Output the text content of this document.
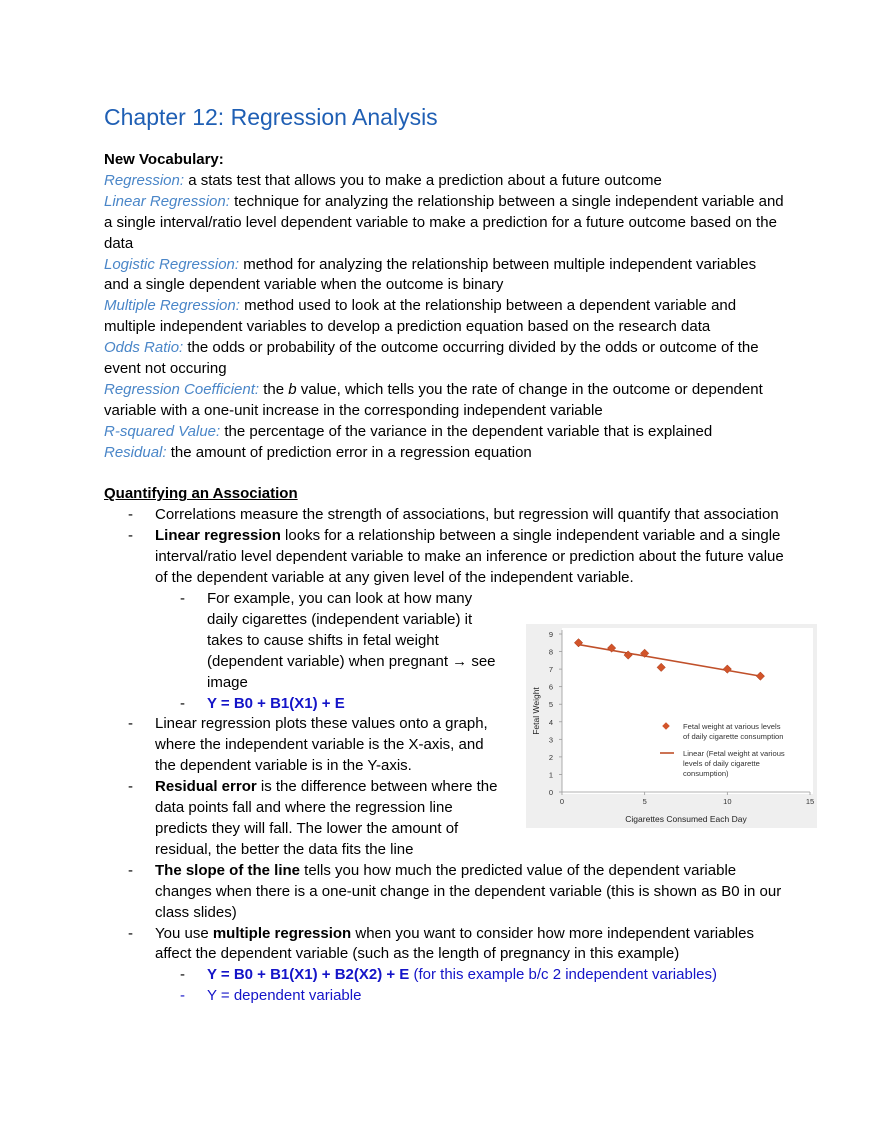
Chapter 12: Regression Analysis

New Vocabulary:

Regression: a stats test that allows you to make a prediction about a future outcome

Linear Regression: technique for analyzing the relationship between a single independent variable and a single interval/ratio level dependent variable to make a prediction for a future outcome based on the data

Logistic Regression: method for analyzing the relationship between multiple independent variables and a single dependent variable when the outcome is binary

Multiple Regression: method used to look at the relationship between a dependent variable and multiple independent variables to develop a prediction equation based on the research data

Odds Ratio: the odds or probability of the outcome occurring divided by the odds or outcome of the event not occuring

Regression Coefficient: the b value, which tells you the rate of change in the outcome or dependent variable with a one-unit increase in the corresponding independent variable

R-squared Value: the percentage of the variance in the dependent variable that is explained

Residual: the amount of prediction error in a regression equation

Quantifying an Association

- Correlations measure the strength of associations, but regression will quantify that association
- Linear regression looks for a relationship between a single independent variable and a single interval/ratio level dependent variable to make an inference or prediction about the future value of the dependent variable at any given level of the independent variable.
- For example, you can look at how many daily cigarettes (independent variable) it takes to cause shifts in fetal weight (dependent variable) when pregnant → see image
- Y = B0 + B1(X1) + E
- Linear regression plots these values onto a graph, where the independent variable is the X-axis, and the dependent variable is in the Y-axis.
- Residual error is the difference between where the data points fall and where the regression line predicts they will fall. The lower the amount of residual, the better the data fits the line
- The slope of the line tells you how much the predicted value of the dependent variable changes when there is a one-unit change in the dependent variable (this is shown as B0 in our class slides)
- You use multiple regression when you want to consider how more independent variables affect the dependent variable (such as the length of pregnancy in this example)
- Y = B0 + B1(X1) + B2(X2) + E (for this example b/c 2 independent variables)
- Y = dependent variable
Fetal Weight
Cigarettes Consumed Each Day
0
1
2
3
4
5
6
7
8
9
0	5	10	15
Fetal weight at various levels
of daily cigarette consumption
Linear (Fetal weight at various
levels of daily cigarette
consumption)
